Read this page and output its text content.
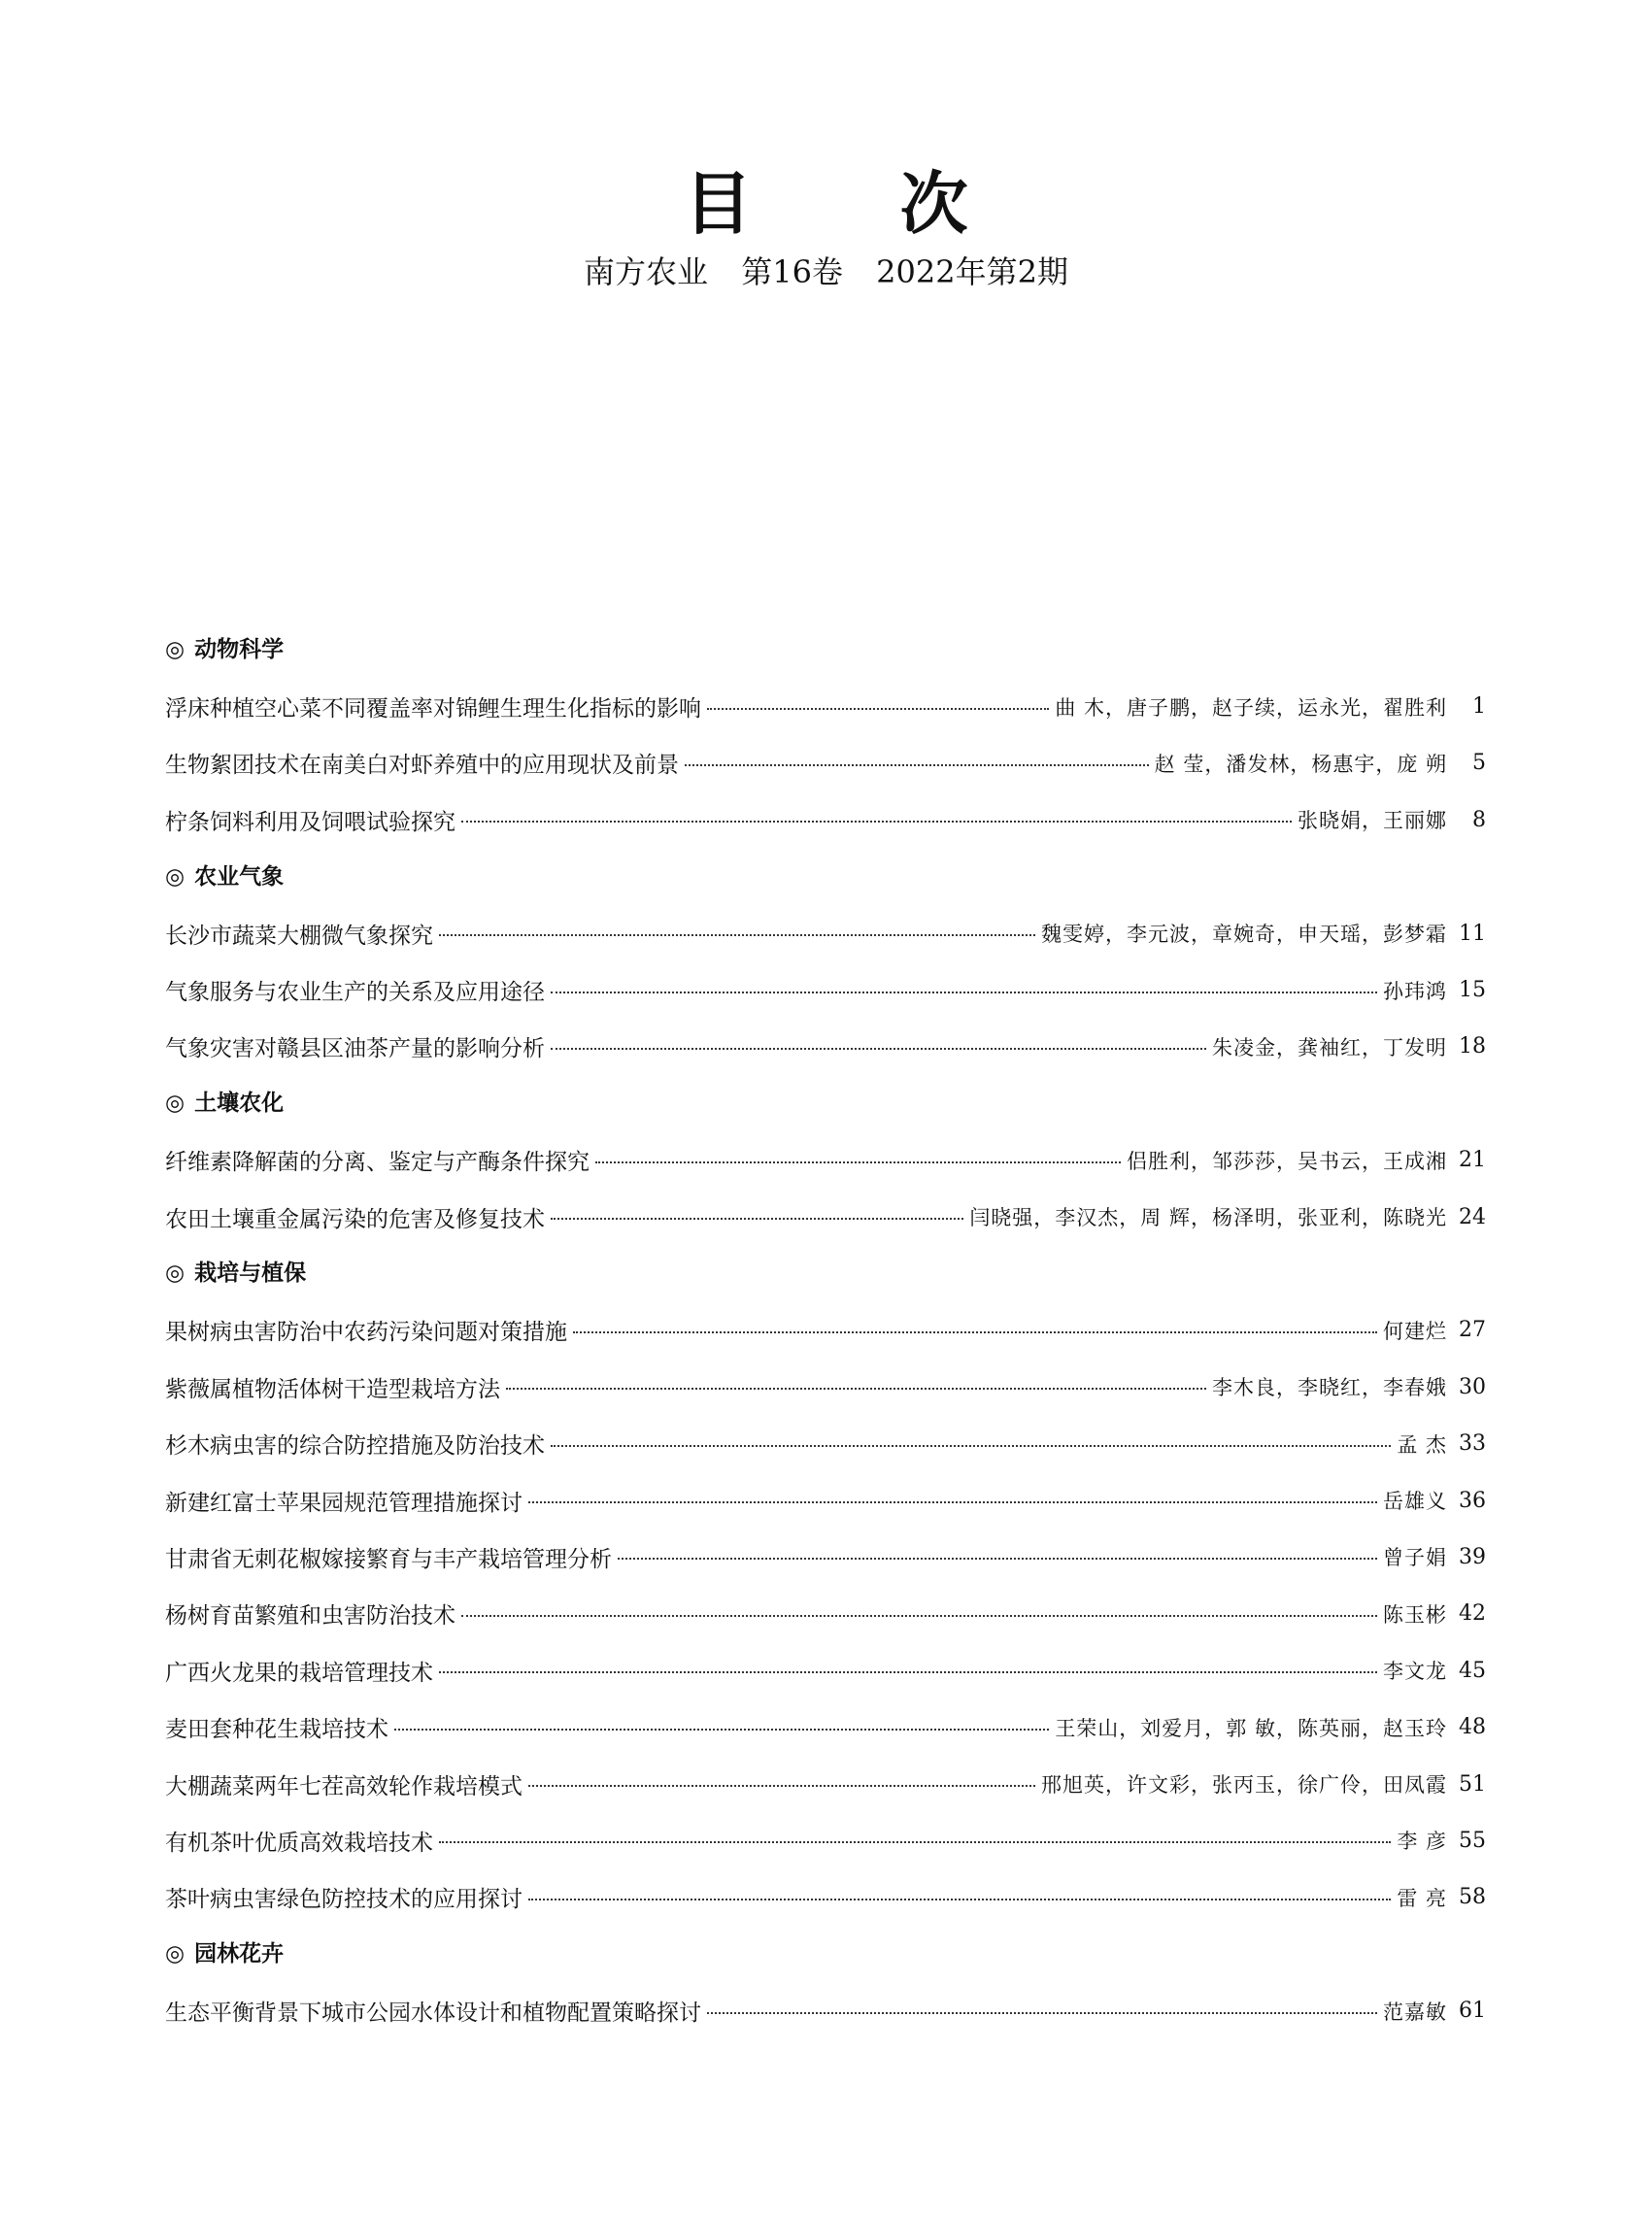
目 次
南方农业 第16卷 2022年第2期
◎ 动物科学
浮床种植空心菜不同覆盖率对锦鲤生理生化指标的影响	曲 木，唐子鹏，赵子续，运永光，翟胜利	1
生物絮团技术在南美白对虾养殖中的应用现状及前景	赵 莹，潘发林，杨惠宇，庞 朔	5
柠条饲料利用及饲喂试验探究	张晓娟，王丽娜	8
◎ 农业气象
长沙市蔬菜大棚微气象探究	魏雯婷，李元波，章婉奇，申天瑶，彭梦霜 11
气象服务与农业生产的关系及应用途径	孙玮鸿 15
气象灾害对赣县区油茶产量的影响分析	朱凌金，龚袖红，丁发明 18
◎ 土壤农化
纤维素降解菌的分离、鉴定与产酶条件探究	侣胜利，邹莎莎，吴书云，王成湘 21
农田土壤重金属污染的危害及修复技术	闫晓强，李汉杰，周 辉，杨泽明，张亚利，陈晓光 24
◎ 栽培与植保
果树病虫害防治中农药污染问题对策措施	何建烂 27
紫薇属植物活体树干造型栽培方法	李木良，李晓红，李春娥 30
杉木病虫害的综合防控措施及防治技术	孟 杰 33
新建红富士苹果园规范管理措施探讨	岳雄义 36
甘肃省无刺花椒嫁接繁育与丰产栽培管理分析	曾子娟 39
杨树育苗繁殖和虫害防治技术	陈玉彬 42
广西火龙果的栽培管理技术	李文龙 45
麦田套种花生栽培技术	王荣山，刘爱月，郭 敏，陈英丽，赵玉玲 48
大棚蔬菜两年七茬高效轮作栽培模式	邢旭英，许文彩，张丙玉，徐广伶，田凤霞 51
有机茶叶优质高效栽培技术	李 彦 55
茶叶病虫害绿色防控技术的应用探讨	雷 亮 58
◎ 园林花卉
生态平衡背景下城市公园水体设计和植物配置策略探讨	范嘉敏 61
